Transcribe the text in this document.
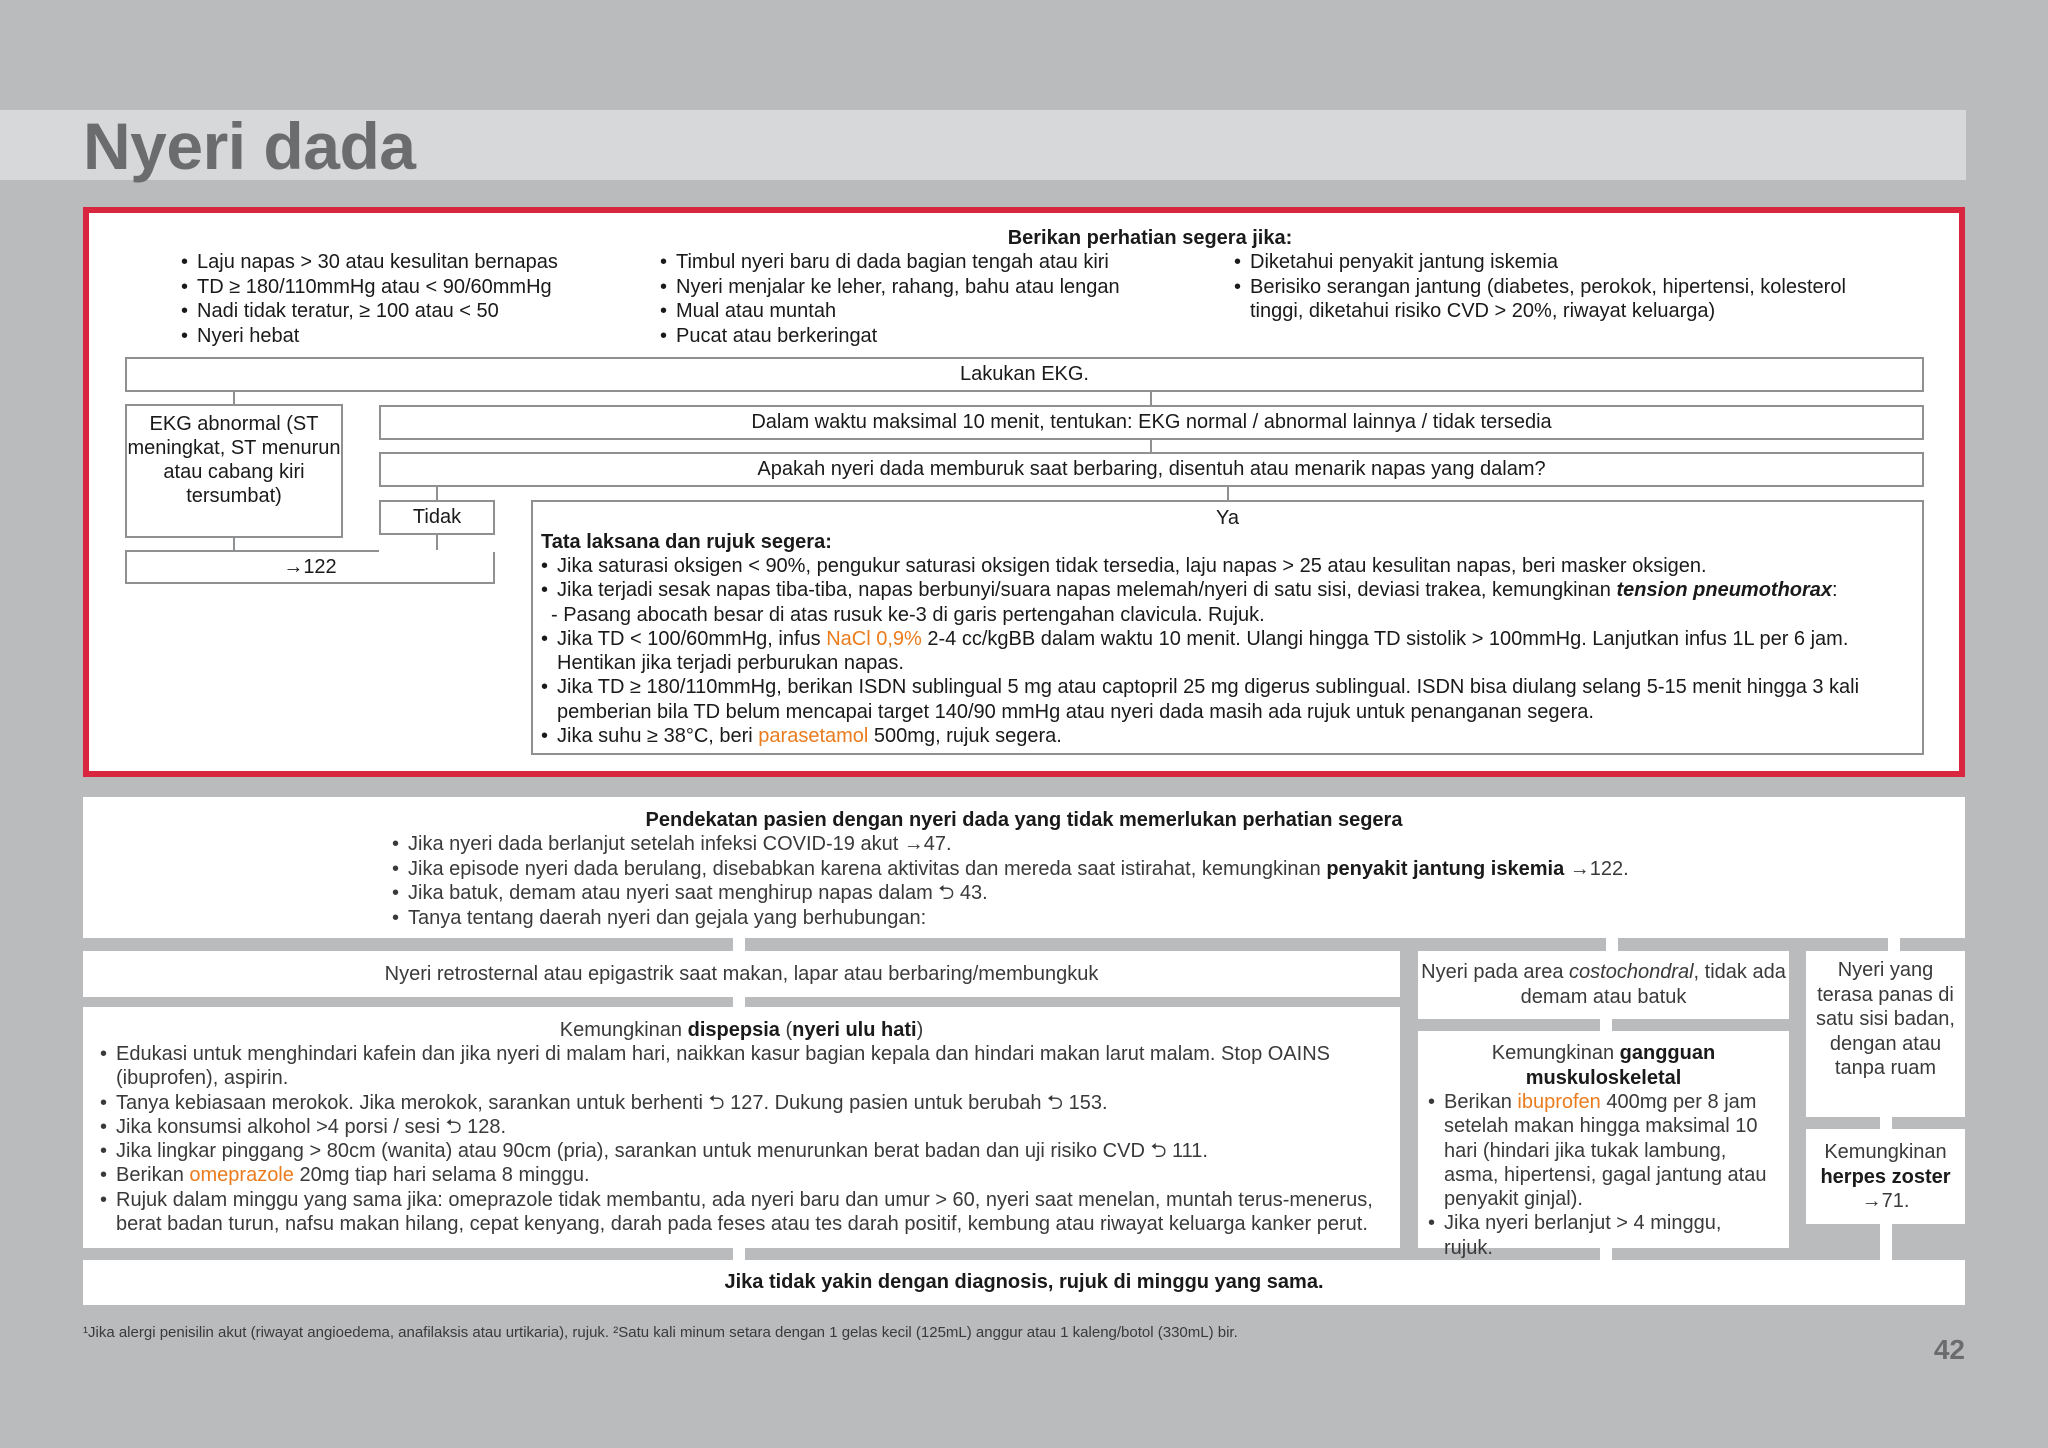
Nyeri dada
Berikan perhatian segera jika:
• Laju napas > 30 atau kesulitan bernapas
• TD ≥ 180/110mmHg atau < 90/60mmHg
• Nadi tidak teratur, ≥ 100 atau < 50
• Nyeri hebat
• Timbul nyeri baru di dada bagian tengah atau kiri
• Nyeri menjalar ke leher, rahang, bahu atau lengan
• Mual atau muntah
• Pucat atau berkeringat
• Diketahui penyakit jantung iskemia
• Berisiko serangan jantung (diabetes, perokok, hipertensi, kolesterol tinggi, diketahui risiko CVD > 20%, riwayat keluarga)
Lakukan EKG.
EKG abnormal (ST meningkat, ST menurun atau cabang kiri tersumbat)
→122
Dalam waktu maksimal 10 menit, tentukan: EKG normal / abnormal lainnya / tidak tersedia
Apakah nyeri dada memburuk saat berbaring, disentuh atau menarik napas yang dalam?
Tidak	Ya
Tata laksana dan rujuk segera:
• Jika saturasi oksigen < 90%, pengukur saturasi oksigen tidak tersedia, laju napas > 25 atau kesulitan napas, beri masker oksigen.
• Jika terjadi sesak napas tiba-tiba, napas berbunyi/suara napas melemah/nyeri di satu sisi, deviasi trakea, kemungkinan tension pneumothorax:
- Pasang abocath besar di atas rusuk ke-3 di garis pertengahan clavicula. Rujuk.
• Jika TD < 100/60mmHg, infus NaCl 0,9% 2-4 cc/kgBB dalam waktu 10 menit. Ulangi hingga TD sistolik > 100mmHg. Lanjutkan infus 1L per 6 jam. Hentikan jika terjadi perburukan napas.
• Jika TD ≥ 180/110mmHg, berikan ISDN sublingual 5 mg atau captopril 25 mg digerus sublingual. ISDN bisa diulang selang 5-15 menit hingga 3 kali pemberian bila TD belum mencapai target 140/90 mmHg atau nyeri dada masih ada rujuk untuk penanganan segera.
• Jika suhu ≥ 38°C, beri parasetamol 500mg, rujuk segera.
Pendekatan pasien dengan nyeri dada yang tidak memerlukan perhatian segera
• Jika nyeri dada berlanjut setelah infeksi COVID-19 akut →47.
• Jika episode nyeri dada berulang, disebabkan karena aktivitas dan mereda saat istirahat, kemungkinan penyakit jantung iskemia →122.
• Jika batuk, demam atau nyeri saat menghirup napas dalam ⮌ 43.
• Tanya tentang daerah nyeri dan gejala yang berhubungan:
Nyeri retrosternal atau epigastrik saat makan, lapar atau berbaring/membungkuk
Kemungkinan dispepsia (nyeri ulu hati)
• Edukasi untuk menghindari kafein dan jika nyeri di malam hari, naikkan kasur bagian kepala dan hindari makan larut malam. Stop OAINS (ibuprofen), aspirin.
• Tanya kebiasaan merokok. Jika merokok, sarankan untuk berhenti ⮌ 127. Dukung pasien untuk berubah ⮌ 153.
• Jika konsumsi alkohol >4 porsi / sesi ⮌ 128.
• Jika lingkar pinggang > 80cm (wanita) atau 90cm (pria), sarankan untuk menurunkan berat badan dan uji risiko CVD ⮌ 111.
• Berikan omeprazole 20mg tiap hari selama 8 minggu.
• Rujuk dalam minggu yang sama jika: omeprazole tidak membantu, ada nyeri baru dan umur > 60, nyeri saat menelan, muntah terus-menerus, berat badan turun, nafsu makan hilang, cepat kenyang, darah pada feses atau tes darah positif, kembung atau riwayat keluarga kanker perut.
Nyeri pada area costochondral, tidak ada demam atau batuk
Kemungkinan gangguan muskuloskeletal
• Berikan ibuprofen 400mg per 8 jam setelah makan hingga maksimal 10 hari (hindari jika tukak lambung, asma, hipertensi, gagal jantung atau penyakit ginjal).
• Jika nyeri berlanjut > 4 minggu, rujuk.
Nyeri yang terasa panas di satu sisi badan, dengan atau tanpa ruam
Kemungkinan
herpes zoster
→71.
Jika tidak yakin dengan diagnosis, rujuk di minggu yang sama.
¹Jika alergi penisilin akut (riwayat angioedema, anafilaksis atau urtikaria), rujuk. ²Satu kali minum setara dengan 1 gelas kecil (125mL) anggur atau 1 kaleng/botol (330mL) bir.
42
